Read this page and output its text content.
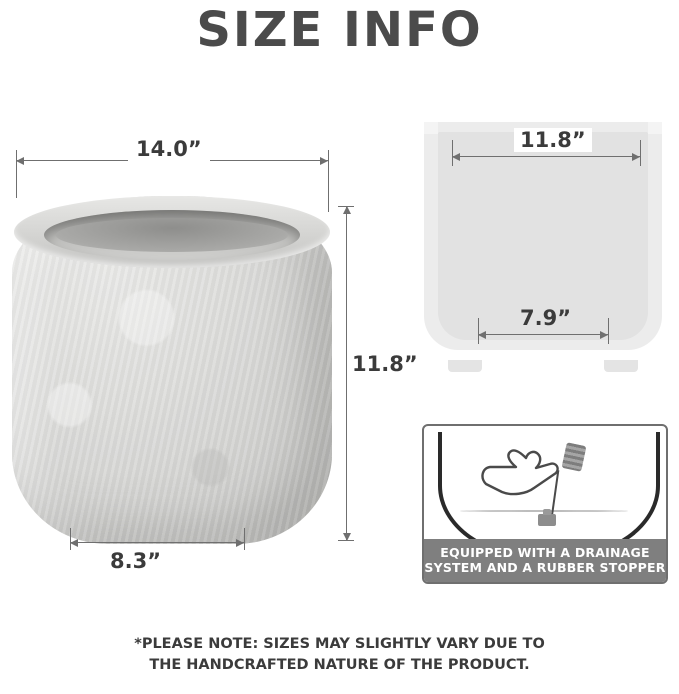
SIZE INFO
14.0”
11.8”
8.3”
11.8”
7.9”
EQUIPPED WITH A DRAINAGE
SYSTEM AND A RUBBER STOPPER
*PLEASE NOTE: SIZES MAY SLIGHTLY VARY DUE TO
THE HANDCRAFTED NATURE OF THE PRODUCT.
